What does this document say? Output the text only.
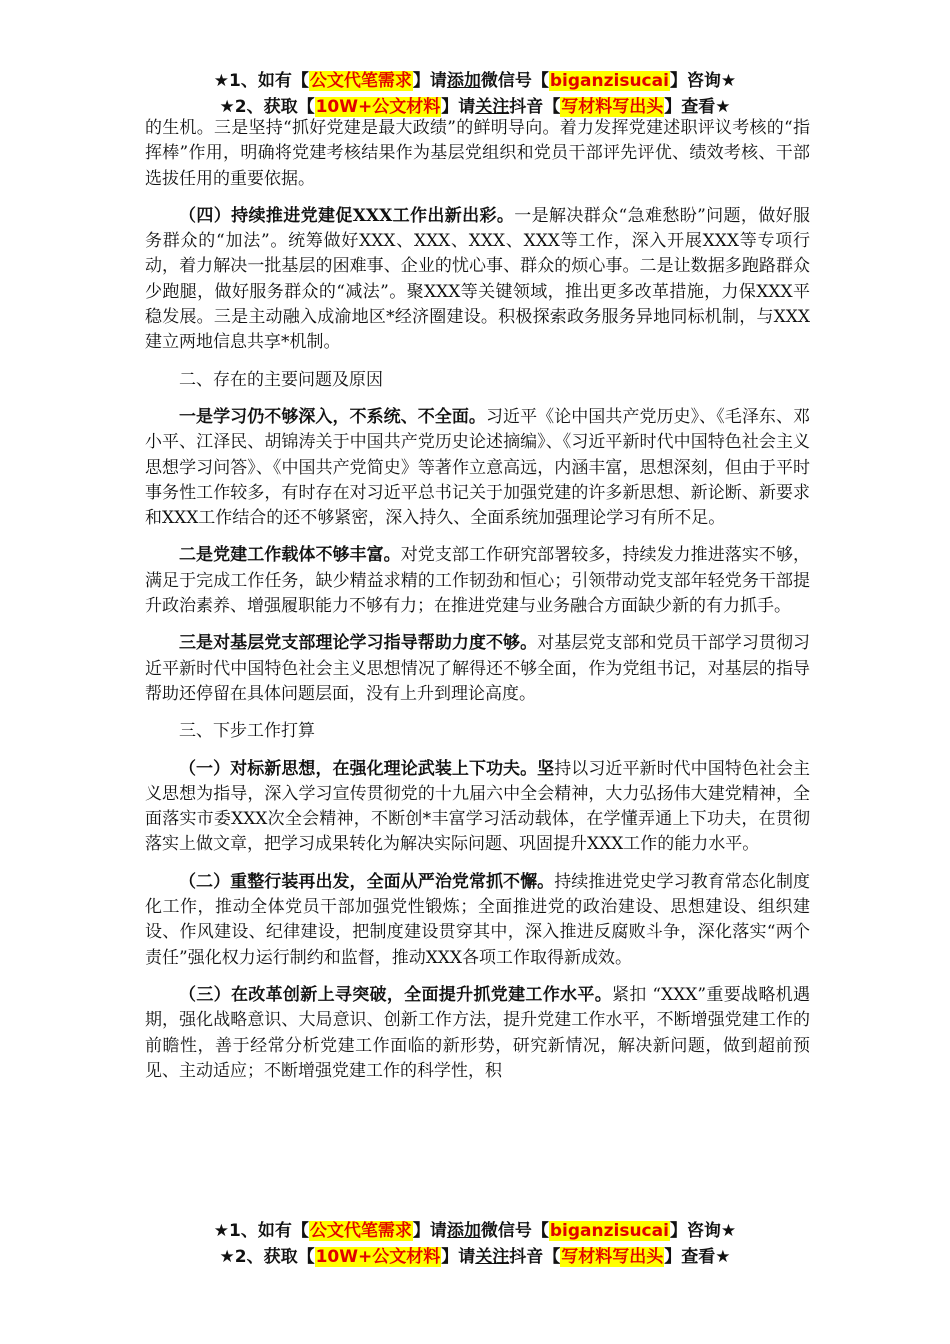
★1、如有【公文代笔需求】请添加微信号【biganzisucai】咨询★
★2、获取【10W+公文材料】请关注抖音【写材料写出头】查看★

的生机。三是坚持“抓好党建是最大政绩”的鲜明导向。着力发挥党建述职评议考核的“指挥棒”作用，明确将党建考核结果作为基层党组织和党员干部评先评优、绩效考核、干部选拔任用的重要依据。

（四）持续推进党建促XXX工作出新出彩。一是解决群众“急难愁盼”问题，做好服务群众的“加法”。统筹做好XXX、XXX、XXX、XXX等工作，深入开展XXX等专项行动，着力解决一批基层的困难事、企业的忧心事、群众的烦心事。二是让数据多跑路群众少跑腿，做好服务群众的“减法”。聚XXX等关键领域，推出更多改革措施，力保XXX平稳发展。三是主动融入成渝地区*经济圈建设。积极探索政务服务异地同标机制，与XXX建立两地信息共享*机制。

二、存在的主要问题及原因

一是学习仍不够深入，不系统、不全面。习近平《论中国共产党历史》、《毛泽东、邓小平、江泽民、胡锦涛关于中国共产党历史论述摘编》、《习近平新时代中国特色社会主义思想学习问答》、《中国共产党简史》等著作立意高远，内涵丰富，思想深刻，但由于平时事务性工作较多，有时存在对习近平总书记关于加强党建的许多新思想、新论断、新要求和XXX工作结合的还不够紧密，深入持久、全面系统加强理论学习有所不足。

二是党建工作载体不够丰富。对党支部工作研究部署较多，持续发力推进落实不够，满足于完成工作任务，缺少精益求精的工作韧劲和恒心；引领带动党支部年轻党务干部提升政治素养、增强履职能力不够有力；在推进党建与业务融合方面缺少新的有力抓手。

三是对基层党支部理论学习指导帮助力度不够。对基层党支部和党员干部学习贯彻习近平新时代中国特色社会主义思想情况了解得还不够全面，作为党组书记，对基层的指导帮助还停留在具体问题层面，没有上升到理论高度。

三、下步工作打算

（一）对标新思想，在强化理论武装上下功夫。坚持以习近平新时代中国特色社会主义思想为指导，深入学习宣传贯彻党的十九届六中全会精神，大力弘扬伟大建党精神，全面落实市委XXX次全会精神，不断创*丰富学习活动载体，在学懂弄通上下功夫，在贯彻落实上做文章，把学习成果转化为解决实际问题、巩固提升XXX工作的能力水平。

（二）重整行装再出发，全面从严治党常抓不懈。持续推进党史学习教育常态化制度化工作，推动全体党员干部加强党性锻炼；全面推进党的政治建设、思想建设、组织建设、作风建设、纪律建设，把制度建设贯穿其中，深入推进反腐败斗争，深化落实“两个责任”强化权力运行制约和监督，推动XXX各项工作取得新成效。

（三）在改革创新上寻突破，全面提升抓党建工作水平。紧扣 “XXX”重要战略机遇期，强化战略意识、大局意识、创新工作方法，提升党建工作水平，不断增强党建工作的前瞻性，善于经常分析党建工作面临的新形势，研究新情况，解决新问题，做到超前预见、主动适应；不断增强党建工作的科学性，积

★1、如有【公文代笔需求】请添加微信号【biganzisucai】咨询★
★2、获取【10W+公文材料】请关注抖音【写材料写出头】查看★
